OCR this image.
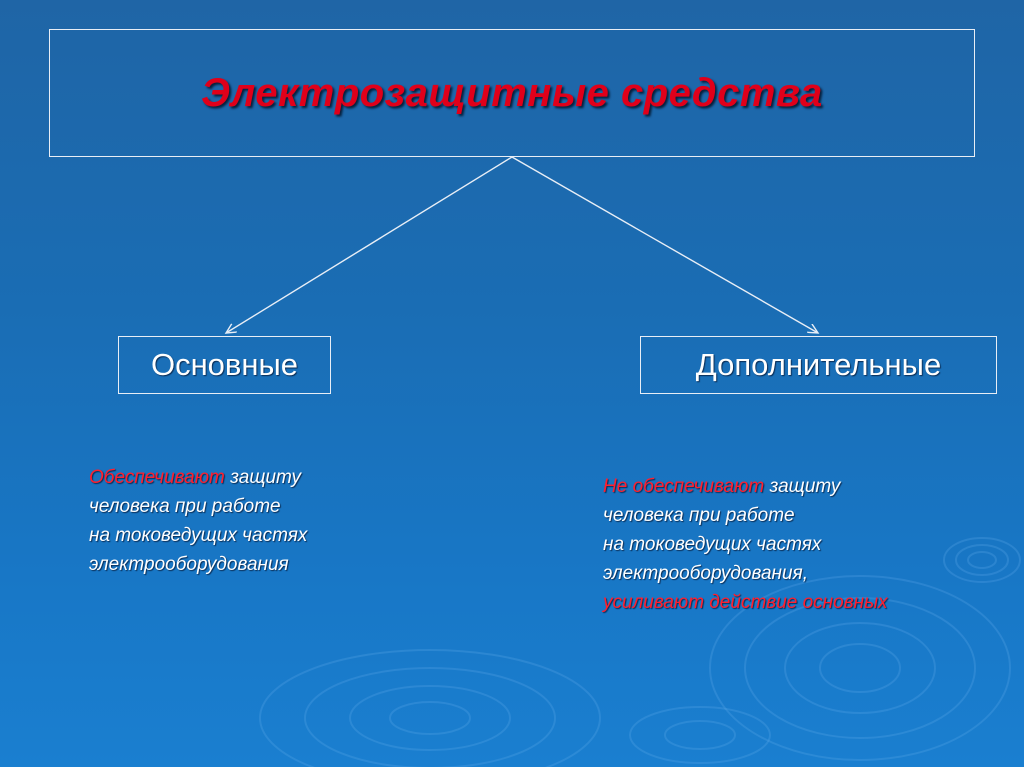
Электрозащитные средства
Основные	Дополнительные
Обеспечивают защиту
человека при работе
на токоведущих частях
электрооборудования
Не обеспечивают защиту
человека при работе
на токоведущих частях
электрооборудования,
усиливают действие основных
